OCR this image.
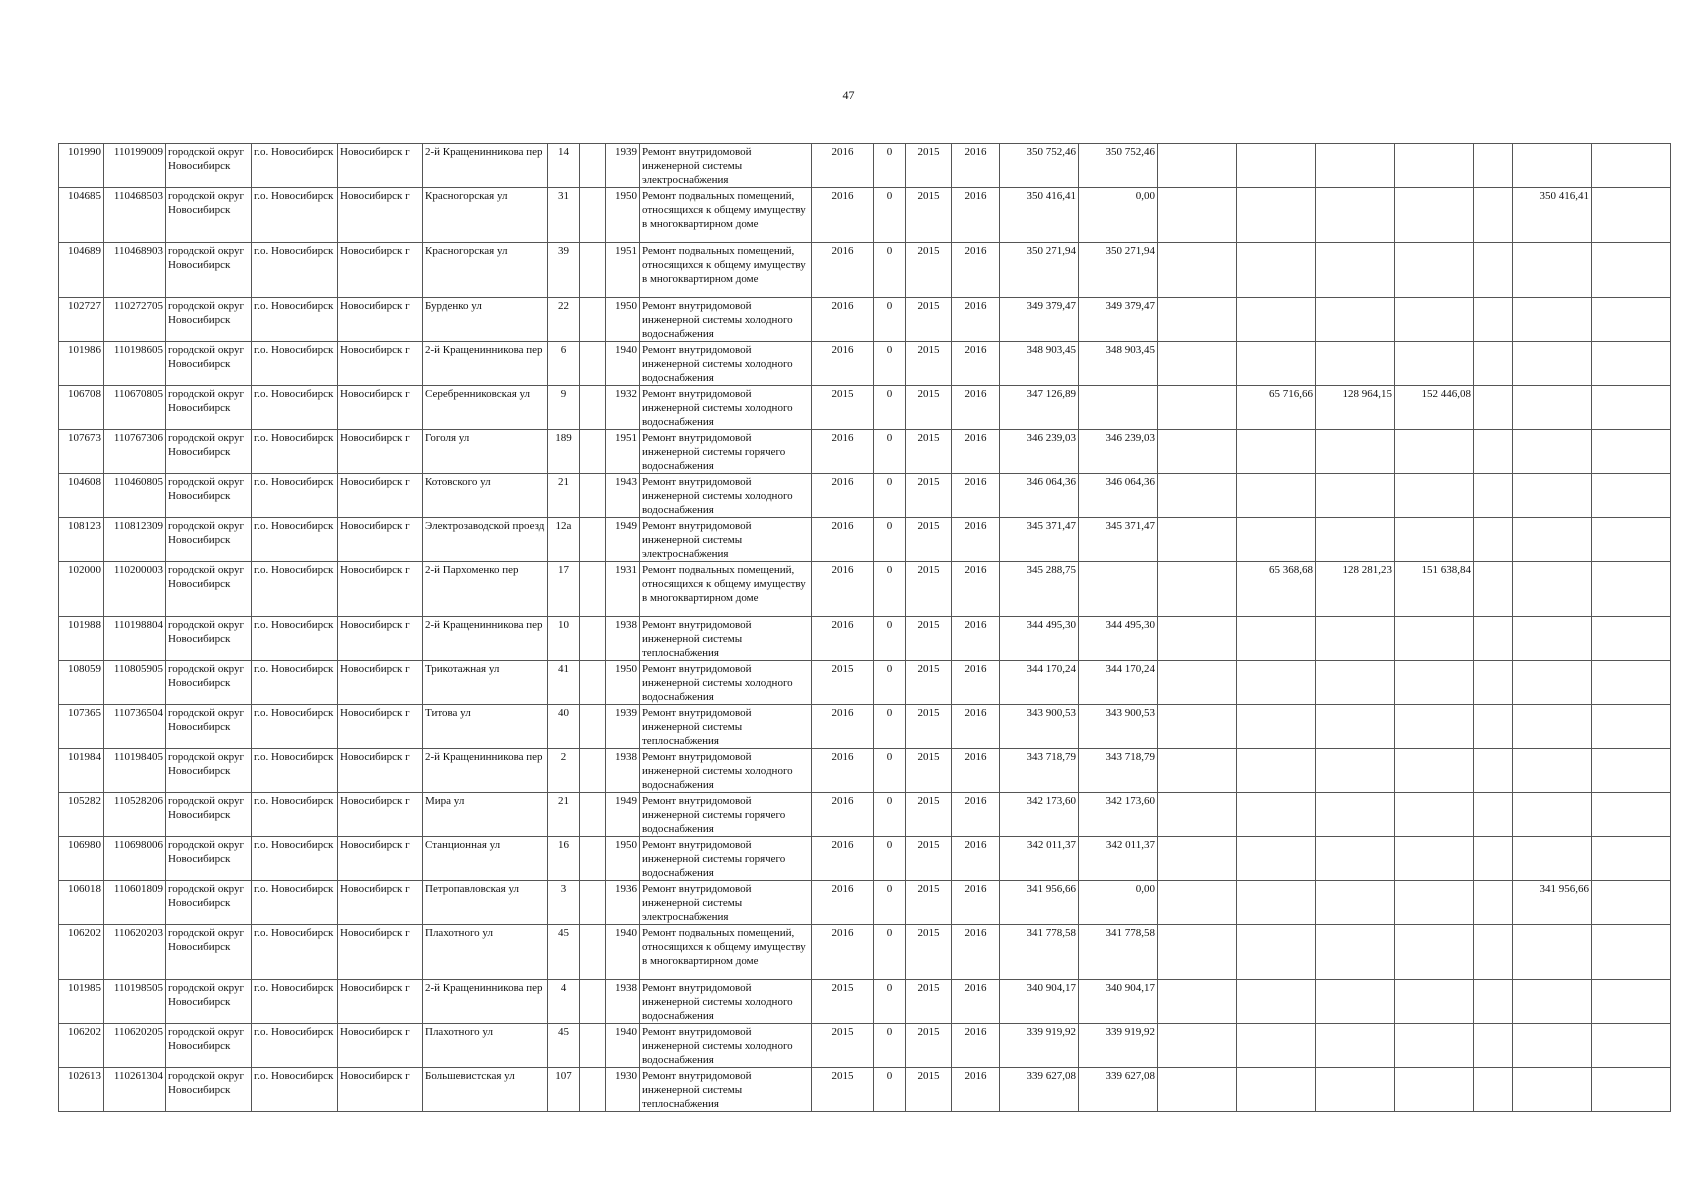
47
101990	110199009	городской округ Новосибирск	г.о. Новосибирск	Новосибирск г	2-й Кращенинникова пер	14		1939	Ремонт внутридомовой инженерной системы электроснабжения	2016	0	2015	2016	350 752,46	350 752,46							
104685	110468503	городской округ Новосибирск	г.о. Новосибирск	Новосибирск г	Красногорская ул	31		1950	Ремонт подвальных помещений, относящихся к общему имуществу в многоквартирном доме	2016	0	2015	2016	350 416,41	0,00						350 416,41	
104689	110468903	городской округ Новосибирск	г.о. Новосибирск	Новосибирск г	Красногорская ул	39		1951	Ремонт подвальных помещений, относящихся к общему имуществу в многоквартирном доме	2016	0	2015	2016	350 271,94	350 271,94							
102727	110272705	городской округ Новосибирск	г.о. Новосибирск	Новосибирск г	Бурденко ул	22		1950	Ремонт внутридомовой инженерной системы холодного водоснабжения	2016	0	2015	2016	349 379,47	349 379,47							
101986	110198605	городской округ Новосибирск	г.о. Новосибирск	Новосибирск г	2-й Кращенинникова пер	6		1940	Ремонт внутридомовой инженерной системы холодного водоснабжения	2016	0	2015	2016	348 903,45	348 903,45							
106708	110670805	городской округ Новосибирск	г.о. Новосибирск	Новосибирск г	Серебренниковская ул	9		1932	Ремонт внутридомовой инженерной системы холодного водоснабжения	2015	0	2015	2016	347 126,89			65 716,66	128 964,15	152 446,08			
107673	110767306	городской округ Новосибирск	г.о. Новосибирск	Новосибирск г	Гоголя ул	189		1951	Ремонт внутридомовой инженерной системы горячего водоснабжения	2016	0	2015	2016	346 239,03	346 239,03							
104608	110460805	городской округ Новосибирск	г.о. Новосибирск	Новосибирск г	Котовского ул	21		1943	Ремонт внутридомовой инженерной системы холодного водоснабжения	2016	0	2015	2016	346 064,36	346 064,36							
108123	110812309	городской округ Новосибирск	г.о. Новосибирск	Новосибирск г	Электрозаводской проезд	12а		1949	Ремонт внутридомовой инженерной системы электроснабжения	2016	0	2015	2016	345 371,47	345 371,47							
102000	110200003	городской округ Новосибирск	г.о. Новосибирск	Новосибирск г	2-й Пархоменко пер	17		1931	Ремонт подвальных помещений, относящихся к общему имуществу в многоквартирном доме	2016	0	2015	2016	345 288,75			65 368,68	128 281,23	151 638,84			
101988	110198804	городской округ Новосибирск	г.о. Новосибирск	Новосибирск г	2-й Кращенинникова пер	10		1938	Ремонт внутридомовой инженерной системы теплоснабжения	2016	0	2015	2016	344 495,30	344 495,30							
108059	110805905	городской округ Новосибирск	г.о. Новосибирск	Новосибирск г	Трикотажная ул	41		1950	Ремонт внутридомовой инженерной системы холодного водоснабжения	2015	0	2015	2016	344 170,24	344 170,24							
107365	110736504	городской округ Новосибирск	г.о. Новосибирск	Новосибирск г	Титова ул	40		1939	Ремонт внутридомовой инженерной системы теплоснабжения	2016	0	2015	2016	343 900,53	343 900,53							
101984	110198405	городской округ Новосибирск	г.о. Новосибирск	Новосибирск г	2-й Кращенинникова пер	2		1938	Ремонт внутридомовой инженерной системы холодного водоснабжения	2016	0	2015	2016	343 718,79	343 718,79							
105282	110528206	городской округ Новосибирск	г.о. Новосибирск	Новосибирск г	Мира ул	21		1949	Ремонт внутридомовой инженерной системы горячего водоснабжения	2016	0	2015	2016	342 173,60	342 173,60							
106980	110698006	городской округ Новосибирск	г.о. Новосибирск	Новосибирск г	Станционная ул	16		1950	Ремонт внутридомовой инженерной системы горячего водоснабжения	2016	0	2015	2016	342 011,37	342 011,37							
106018	110601809	городской округ Новосибирск	г.о. Новосибирск	Новосибирск г	Петропавловская ул	3		1936	Ремонт внутридомовой инженерной системы электроснабжения	2016	0	2015	2016	341 956,66	0,00						341 956,66	
106202	110620203	городской округ Новосибирск	г.о. Новосибирск	Новосибирск г	Плахотного ул	45		1940	Ремонт подвальных помещений, относящихся к общему имуществу в многоквартирном доме	2016	0	2015	2016	341 778,58	341 778,58							
101985	110198505	городской округ Новосибирск	г.о. Новосибирск	Новосибирск г	2-й Кращенинникова пер	4		1938	Ремонт внутридомовой инженерной системы холодного водоснабжения	2015	0	2015	2016	340 904,17	340 904,17							
106202	110620205	городской округ Новосибирск	г.о. Новосибирск	Новосибирск г	Плахотного ул	45		1940	Ремонт внутридомовой инженерной системы холодного водоснабжения	2015	0	2015	2016	339 919,92	339 919,92							
102613	110261304	городской округ Новосибирск	г.о. Новосибирск	Новосибирск г	Большевистская ул	107		1930	Ремонт внутридомовой инженерной системы теплоснабжения	2015	0	2015	2016	339 627,08	339 627,08							
